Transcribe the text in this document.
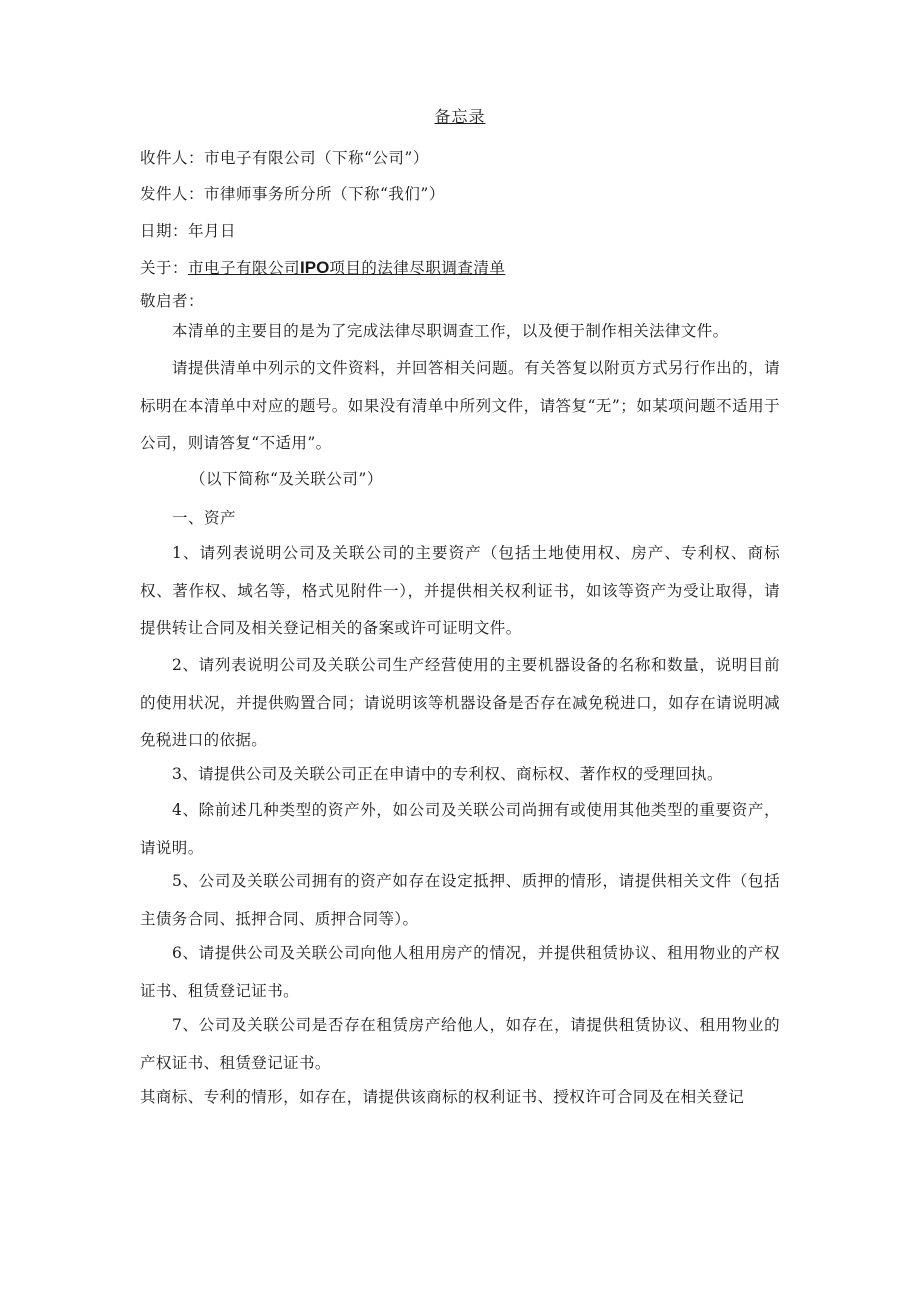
备忘录
收件人：市电子有限公司（下称“公司”）
发件人：市律师事务所分所（下称“我们”）
日期：年月日
关于：市电子有限公司IPO项目的法律尽职调查清单
敬启者：
本清单的主要目的是为了完成法律尽职调查工作，以及便于制作相关法律文件。
请提供清单中列示的文件资料，并回答相关问题。有关答复以附页方式另行作出的，请标明在本清单中对应的题号。如果没有清单中所列文件，请答复“无”；如某项问题不适用于公司，则请答复“不适用”。
（以下简称“及关联公司”）
一、资产
1、请列表说明公司及关联公司的主要资产（包括土地使用权、房产、专利权、商标权、著作权、域名等，格式见附件一），并提供相关权利证书，如该等资产为受让取得，请提供转让合同及相关登记相关的备案或许可证明文件。
2、请列表说明公司及关联公司生产经营使用的主要机器设备的名称和数量，说明目前的使用状况，并提供购置合同；请说明该等机器设备是否存在减免税进口，如存在请说明减免税进口的依据。
3、请提供公司及关联公司正在申请中的专利权、商标权、著作权的受理回执。
4、除前述几种类型的资产外，如公司及关联公司尚拥有或使用其他类型的重要资产，请说明。
5、公司及关联公司拥有的资产如存在设定抵押、质押的情形，请提供相关文件（包括主债务合同、抵押合同、质押合同等）。
6、请提供公司及关联公司向他人租用房产的情况，并提供租赁协议、租用物业的产权证书、租赁登记证书。
7、公司及关联公司是否存在租赁房产给他人，如存在，请提供租赁协议、租用物业的产权证书、租赁登记证书。
其商标、专利的情形，如存在，请提供该商标的权利证书、授权许可合同及在相关登记
